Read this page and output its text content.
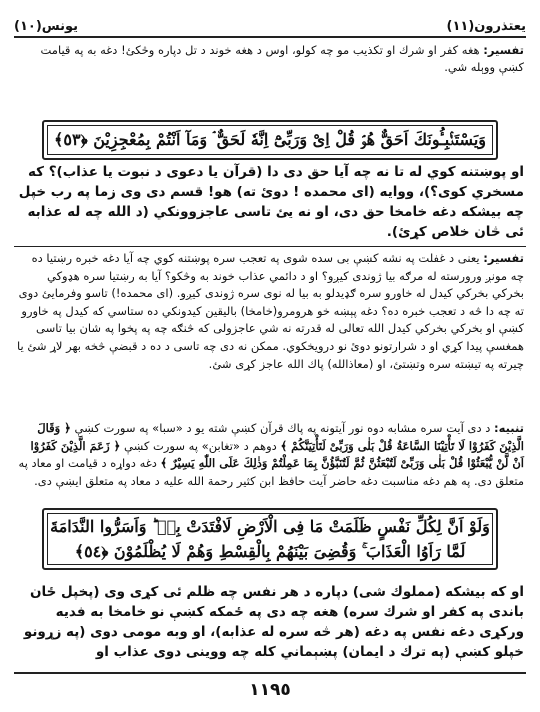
يونس(١٠)	يعتذرون(١١)
تفسير: هغه كفر او شرك او تكذيب مو چه كولو، اوس د هغه خوند د تل دپاره وڅكئ! دغه به په قيامت كښې ووېله شي.
وَيَسْتَنْۢبِـُٔونَكَ اَحَقٌّ هُوَۘ قُلْ اِىْ وَرَبِّىْٓ اِنَّهٗ لَحَقٌّ ۘ وَمَآ اَنْتُمْ بِمُعْجِزِيْنَ ﴿٥٣﴾
او پوښتنه كوي له تا نه چه آيا حق دى دا (قرآن يا دعوى د نبوت يا عذاب)؟ كه مسخري كوى؟)، ووايه (اى محمده ! دوئ ته) هو! قسم دى وى زما په رب خپل چه بيشكه دغه خامخا حق دى، او نه يئ تاسى عاجزوونكي (د الله چه له عذابه ئى څان خلاص كړئ).
تفسير: يعنى د غفلت په نشه كښې بى سده شوى په تعجب سره پوښتنه كوي چه آيا دغه خبره رښتيا ده چه مونږ ورورسته له مرګه بيا ژوندى كيږو؟ او د دائمي عذاب خوند به وڅكو؟ آيا به رښتيا سره هډوكي بخركي بخركي كيدل له خاورو سره ګډيدلو به بيا له نوى سره ژوندى كيږو. (اى محمده!) تاسو وفرمايئ دوى ته چه دا څه د تعجب خبره ده؟ دغه پېښه خو هرومرو(خامخا) باليقين كيدونكي ده ستاسي كه كيدل په خاورو كښې او بخركي بخركي كيدل الله تعالى له قدرته نه شي عاجزولى كه څنګه چه په پخوا په شان بيا تاسى همغسې پيدا كړي او د شرارتونو دوئ نو درويخكوي. ممكن نه دى چه تاسى د ده د قبضې څخه بهر لاړ شئ يا چيرته په تيښته سره وتښتئ، او (معاذالله) پاك الله عاجز كړى شئ.
تنبيه: د دى آيت سره مشابه دوه نور آيتونه په پاك قرآن كښې شته يو د «سبا» په سورت كښې ﴿ وَقَالَ الَّذِيْنَ كَفَرُوْا لَا تَأْتِيْنَا السَّاعَةُ قُلْ بَلٰى وَرَبِّىْ لَتَأْتِيَنَّكُمْ ﴾ دوهم د «تغابن» په سورت كښې ﴿ زَعَمَ الَّذِيْنَ كَفَرُوْا اَنْ لَّنْ يُّبْعَثُوْا قُلْ بَلٰى وَرَبِّىْ لَتُبْعَثُنَّ ثُمَّ لَتُنَبَّؤُنَّ بِمَا عَمِلْتُمْ وَذٰلِكَ عَلَى اللّٰهِ يَسِيْرٌ ﴾ دغه دواړه د قيامت او معاد په متعلق دى. په هم دغه مناسبت دغه حاضر آيت حافظ ابن كثير رحمة الله عليه د معاد په متعلق ايښې دى.
وَلَوْ اَنَّ لِكُلِّ نَفْسٍ ظَلَمَتْ مَا فِى الْاَرْضِ لَافْتَدَتْ بِهٖ ؕ وَاَسَرُّوا النَّدَامَةَ
لَمَّا رَاَوُا الْعَذَابَ ۚ وَقُضِىَ بَيْنَهُمْ بِالْقِسْطِ وَهُمْ لَا يُظْلَمُوْنَ ﴿٥٤﴾
او كه بيشكه (مملوك شى) دپاره د هر نفس چه ظلم ئى كړى وى (پخپل ځان باندى په كفر او شرك سره) هغه چه دى په ځمكه كښې نو خامخا به فديه وركړى دغه نفس په دغه (هر څه سره له عذابه)، او وبه مومى دوى (په زړونو خپلو كښې (په ترك د ايمان) پښېماني كله چه ووينى دوى عذاب او
١١٩٥
